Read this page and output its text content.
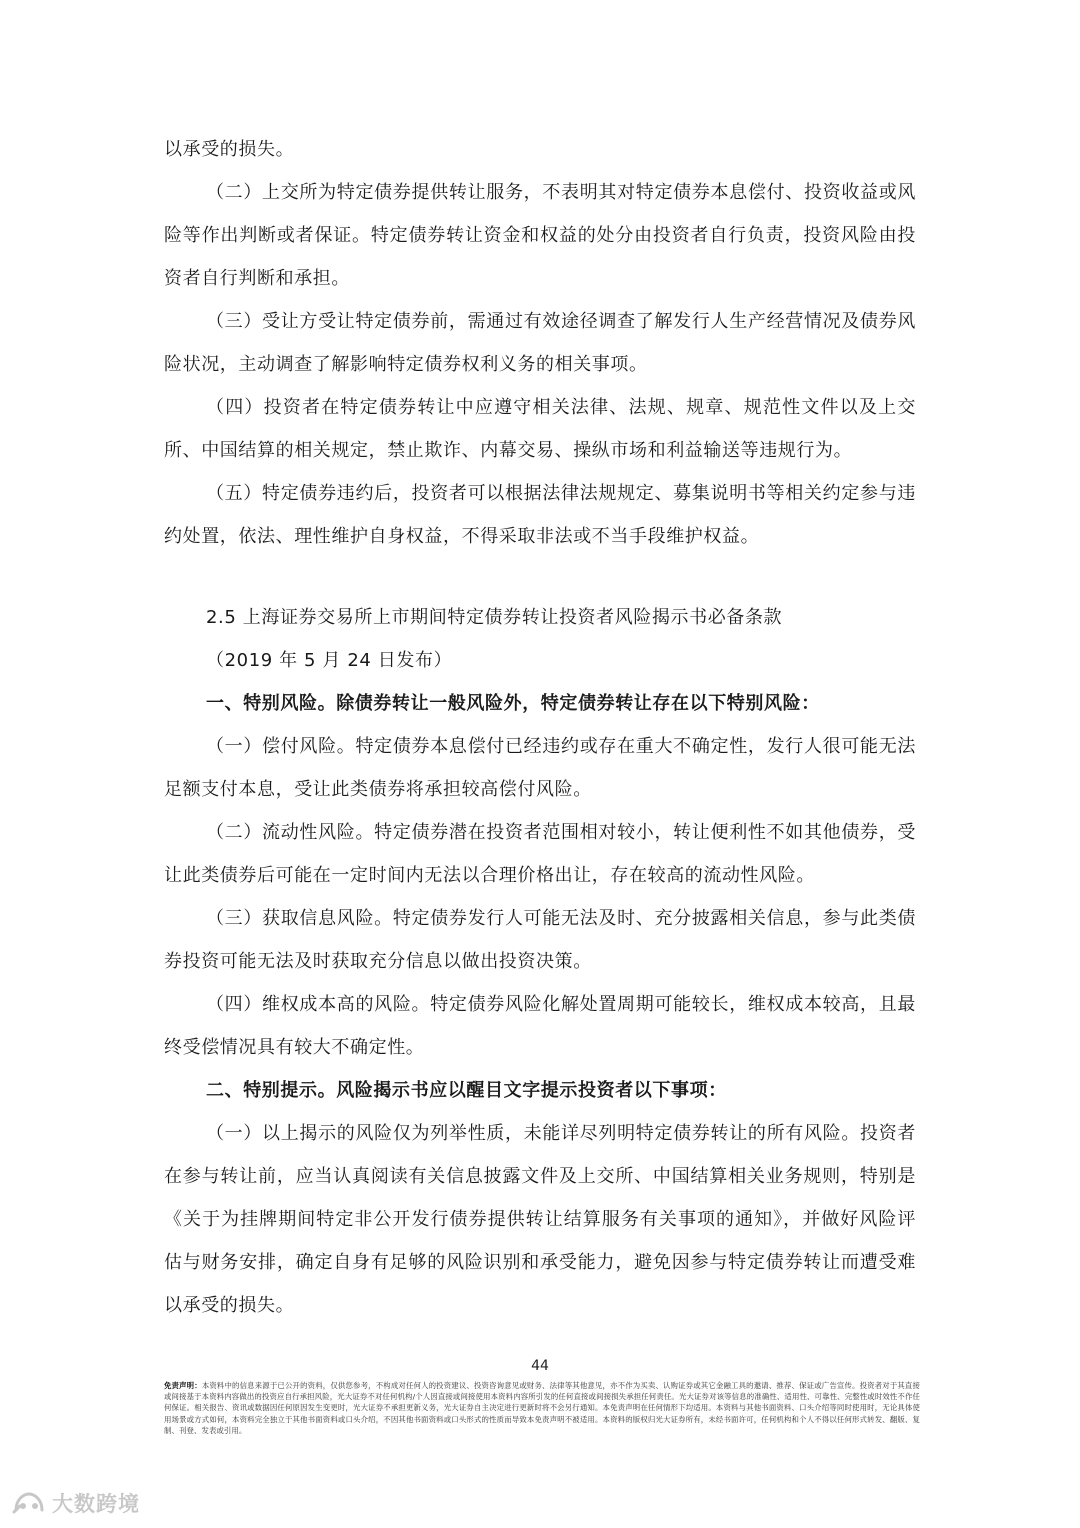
以承受的损失。

（二）上交所为特定债券提供转让服务，不表明其对特定债券本息偿付、投资收益或风险等作出判断或者保证。特定债券转让资金和权益的处分由投资者自行负责，投资风险由投资者自行判断和承担。

（三）受让方受让特定债券前，需通过有效途径调查了解发行人生产经营情况及债券风险状况，主动调查了解影响特定债券权利义务的相关事项。

（四）投资者在特定债券转让中应遵守相关法律、法规、规章、规范性文件以及上交所、中国结算的相关规定，禁止欺诈、内幕交易、操纵市场和利益输送等违规行为。

（五）特定债券违约后，投资者可以根据法律法规规定、募集说明书等相关约定参与违约处置，依法、理性维护自身权益，不得采取非法或不当手段维护权益。

2.5 上海证券交易所上市期间特定债券转让投资者风险揭示书必备条款

（2019 年 5 月 24 日发布）

一、特别风险。除债券转让一般风险外，特定债券转让存在以下特别风险：

（一）偿付风险。特定债券本息偿付已经违约或存在重大不确定性，发行人很可能无法足额支付本息，受让此类债券将承担较高偿付风险。

（二）流动性风险。特定债券潜在投资者范围相对较小，转让便利性不如其他债券，受让此类债券后可能在一定时间内无法以合理价格出让，存在较高的流动性风险。

（三）获取信息风险。特定债券发行人可能无法及时、充分披露相关信息，参与此类债券投资可能无法及时获取充分信息以做出投资决策。

（四）维权成本高的风险。特定债券风险化解处置周期可能较长，维权成本较高，且最终受偿情况具有较大不确定性。

二、特别提示。风险揭示书应以醒目文字提示投资者以下事项：

（一）以上揭示的风险仅为列举性质，未能详尽列明特定债券转让的所有风险。投资者在参与转让前，应当认真阅读有关信息披露文件及上交所、中国结算相关业务规则，特别是《关于为挂牌期间特定非公开发行债券提供转让结算服务有关事项的通知》，并做好风险评估与财务安排，确定自身有足够的风险识别和承受能力，避免因参与特定债券转让而遭受难以承受的损失。

44
免责声明：本资料中的信息来源于已公开的资料，仅供您参考，不构成对任何人的投资建议、投资咨询意见或财务、法律等其他意见，亦不作为买卖、认购证券或其它金融工具的邀请、推荐、保证或广告宣传。投资者对于其直接或间接基于本资料内容做出的投资应自行承担风险，光大证券不对任何机构/个人因直接或间接使用本资料内容所引发的任何直接或间接损失承担任何责任。光大证券对该等信息的准确性、适用性、可靠性、完整性或时效性不作任何保证。相关报告、资讯或数据因任何原因发生变更时，光大证券不承担更新义务，光大证券自主决定进行更新时将不会另行通知。本免责声明在任何情形下均适用。本资料与其他书面资料、口头介绍等同时使用时，无论具体使用场景或方式如何，本资料完全独立于其他书面资料或口头介绍，不因其他书面资料或口头形式的性质而导致本免责声明不被适用。本资料的版权归光大证券所有，未经书面许可，任何机构和个人不得以任何形式转发、翻版、复制、刊登、发表或引用。
大数跨境
